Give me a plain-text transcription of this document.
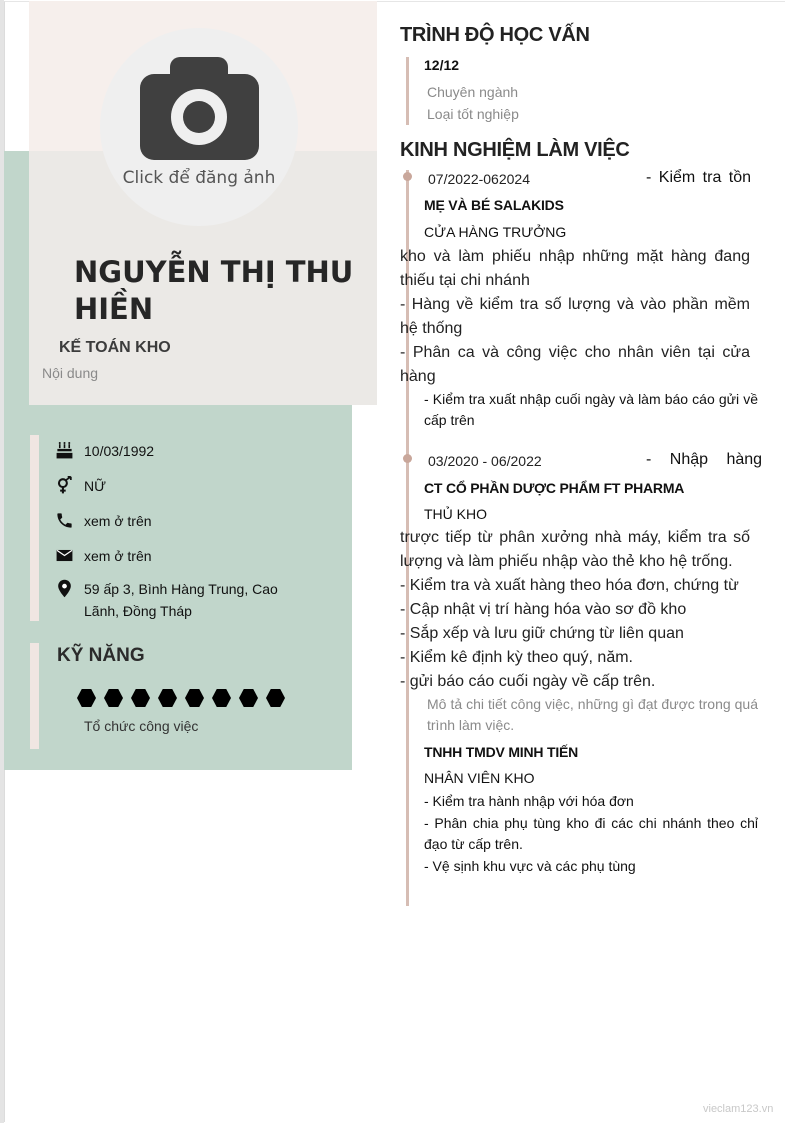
Click để đăng ảnh
NGUYỄN THỊ THU HIỀN
KẾ TOÁN KHO
Nội dung
10/03/1992
NỮ
xem ở trên
xem ở trên
59 ấp 3, Bình Hàng Trung, Cao Lãnh, Đồng Tháp
KỸ NĂNG
Tổ chức công việc
TRÌNH ĐỘ HỌC VẤN
12/12
Chuyên ngành
Loại tốt nghiệp
KINH NGHIỆM LÀM VIỆC
07/2022-062024	- Kiểm tra tồn
MẸ VÀ BÉ SALAKIDS
CỬA HÀNG TRƯỞNG
kho và làm phiếu nhập những mặt hàng đang thiếu tại chi nhánh
- Hàng về kiểm tra số lượng và vào phần mềm hệ thống
- Phân ca và công việc cho nhân viên tại cửa hàng
- Kiểm tra xuất nhập cuối ngày và làm báo cáo gửi về cấp trên
03/2020 - 06/2022	- Nhập hàng
CT CỔ PHẦN DƯỢC PHẨM FT PHARMA
THỦ KHO
trược tiếp từ phân xưởng nhà máy, kiểm tra số lượng và làm phiếu nhập vào thẻ kho hệ trống.
- Kiểm tra và xuất hàng theo hóa đơn, chứng từ
- Cập nhật vị trí hàng hóa vào sơ đồ kho
- Sắp xếp và lưu giữ chứng từ liên quan
- Kiểm kê định kỳ theo quý, năm.
- gửi báo cáo cuối ngày về cấp trên.
Mô tả chi tiết công việc, những gì đạt được trong quá trình làm việc.
TNHH TMDV MINH TIẾN
NHÂN VIÊN KHO
- Kiểm tra hành nhập với hóa đơn
- Phân chia phụ tùng kho đi các chi nhánh theo chỉ đạo từ cấp trên.
- Vệ sịnh khu vực và các phụ tùng
vieclam123.vn
